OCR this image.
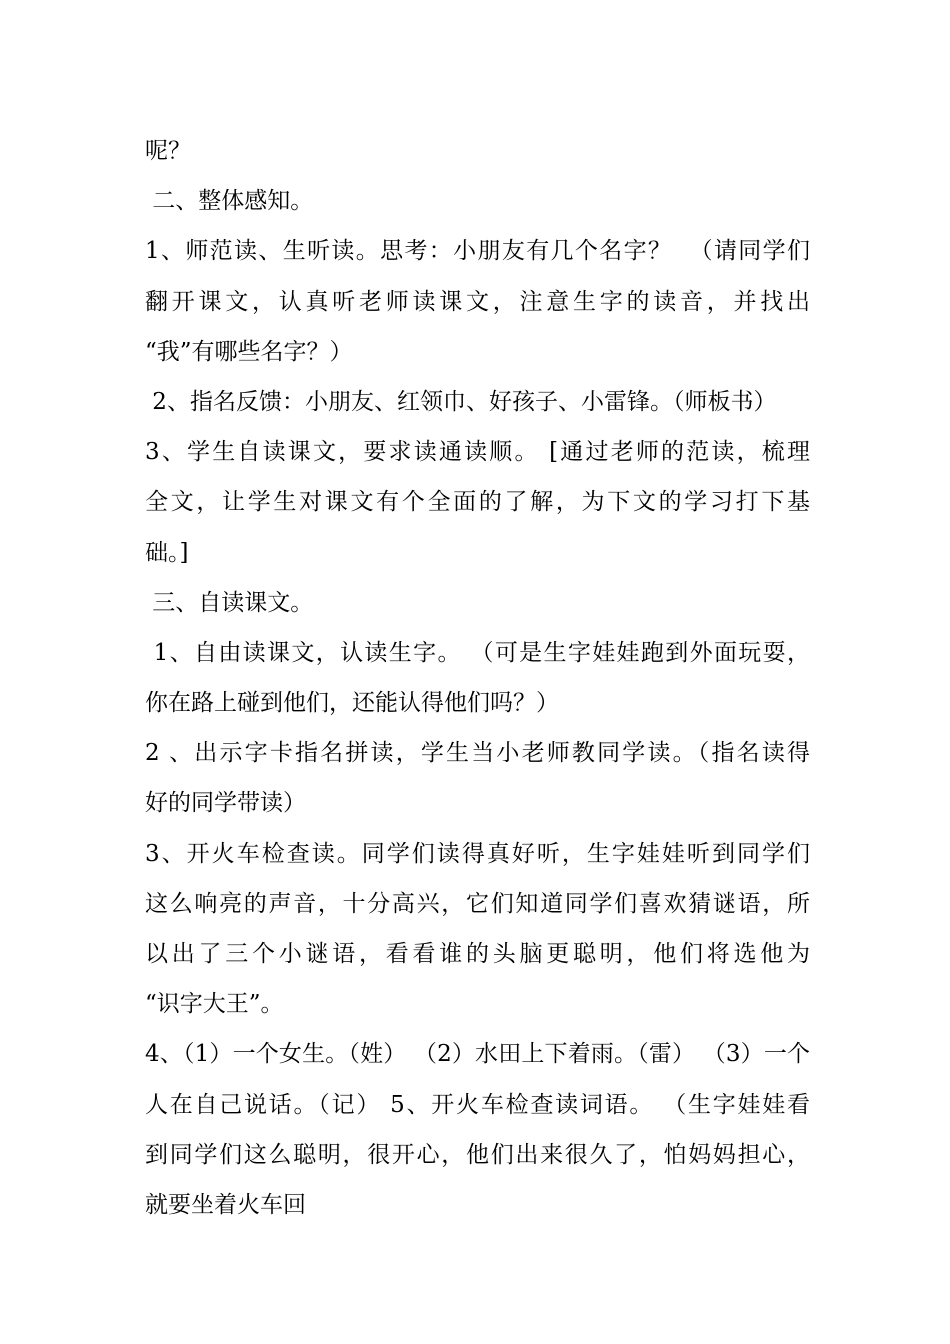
呢？
二、整体感知。
1、师范读、生听读。思考：小朋友有几个名字？  （请同学们
翻开课文，认真听老师读课文，注意生字的读音，并找出
“我”有哪些名字？）
2、指名反馈：小朋友、红领巾、好孩子、小雷锋。（师板书）
3、学生自读课文，要求读通读顺。 [通过老师的范读，梳理
全文，让学生对课文有个全面的了解，为下文的学习打下基
础。]
三、自读课文。
1、自由读课文，认读生字。 （可是生字娃娃跑到外面玩耍，
你在路上碰到他们，还能认得他们吗？）
2 、出示字卡指名拼读，学生当小老师教同学读。（指名读得
好的同学带读）
3、开火车检查读。同学们读得真好听，生字娃娃听到同学们
这么响亮的声音，十分高兴，它们知道同学们喜欢猜谜语，所
以出了三个小谜语，看看谁的头脑更聪明，他们将选他为
“识字大王”。
4、（1）一个女生。（姓） （2）水田上下着雨。（雷） （3）一个
人在自己说话。（记） 5、开火车检查读词语。 （生字娃娃看
到同学们这么聪明，很开心，他们出来很久了，怕妈妈担心，
就要坐着火车回
